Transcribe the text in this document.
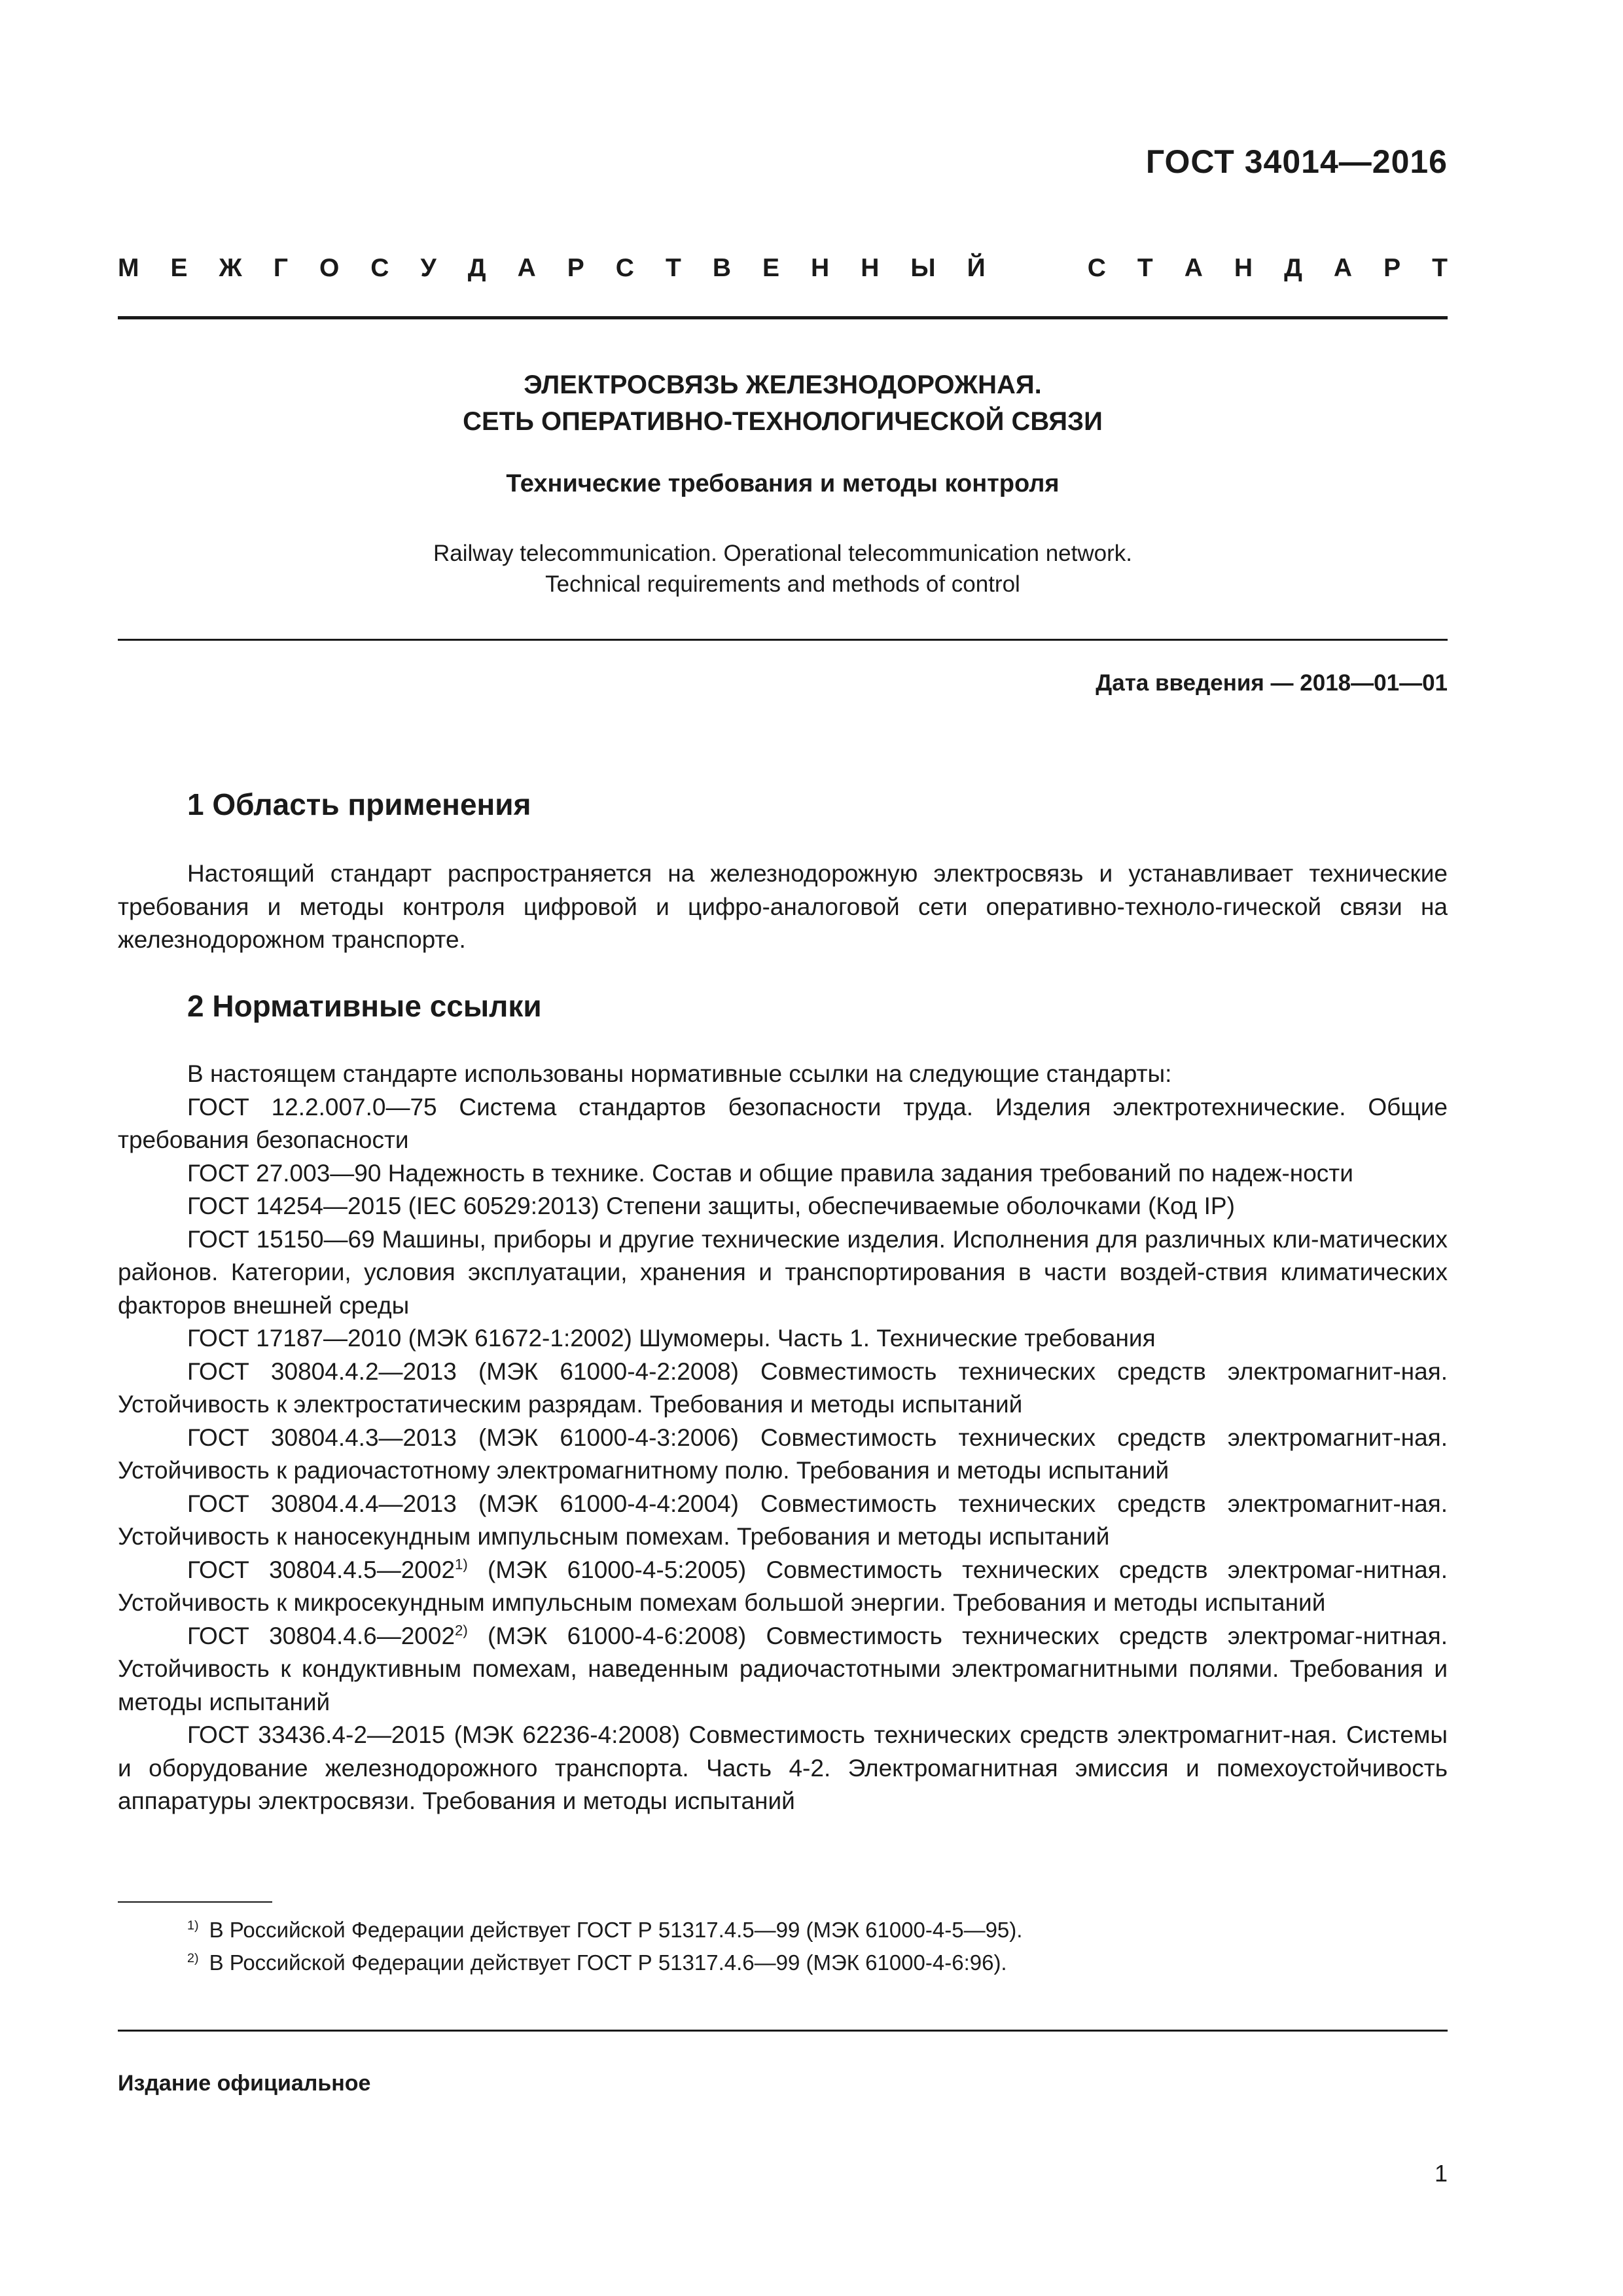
ГОСТ 34014—2016
М Е Ж Г О С У Д А Р С Т В Е Н Н Ы Й	С Т А Н Д А Р Т
ЭЛЕКТРОСВЯЗЬ ЖЕЛЕЗНОДОРОЖНАЯ.
СЕТЬ ОПЕРАТИВНО-ТЕХНОЛОГИЧЕСКОЙ СВЯЗИ
Технические требования и методы контроля
Railway telecommunication. Operational telecommunication network.
Technical requirements and methods of control
Дата введения — 2018—01—01
1 Область применения

Настоящий стандарт распространяется на железнодорожную электросвязь и устанавливает технические требования и методы контроля цифровой и цифро-аналоговой сети оперативно-техноло-гической связи на железнодорожном транспорте.

2 Нормативные ссылки

В настоящем стандарте использованы нормативные ссылки на следующие стандарты:

ГОСТ 12.2.007.0—75 Система стандартов безопасности труда. Изделия электротехнические. Общие требования безопасности

ГОСТ 27.003—90 Надежность в технике. Состав и общие правила задания требований по надеж-ности

ГОСТ 14254—2015 (IEC 60529:2013) Степени защиты, обеспечиваемые оболочками (Код IP)

ГОСТ 15150—69 Машины, приборы и другие технические изделия. Исполнения для различных кли-матических районов. Категории, условия эксплуатации, хранения и транспортирования в части воздей-ствия климатических факторов внешней среды

ГОСТ 17187—2010 (МЭК 61672-1:2002) Шумомеры. Часть 1. Технические требования

ГОСТ 30804.4.2—2013 (МЭК 61000-4-2:2008) Совместимость технических средств электромагнит-ная. Устойчивость к электростатическим разрядам. Требования и методы испытаний

ГОСТ 30804.4.3—2013 (МЭК 61000-4-3:2006) Совместимость технических средств электромагнит-ная. Устойчивость к радиочастотному электромагнитному полю. Требования и методы испытаний

ГОСТ 30804.4.4—2013 (МЭК 61000-4-4:2004) Совместимость технических средств электромагнит-ная. Устойчивость к наносекундным импульсным помехам. Требования и методы испытаний

ГОСТ 30804.4.5—2002$^{1)}$ (МЭК 61000-4-5:2005) Совместимость технических средств электромаг-нитная. Устойчивость к микросекундным импульсным помехам большой энергии. Требования и методы испытаний

ГОСТ 30804.4.6—2002$^{2)}$ (МЭК 61000-4-6:2008) Совместимость технических средств электромаг-нитная. Устойчивость к кондуктивным помехам, наведенным радиочастотными электромагнитными полями. Требования и методы испытаний

ГОСТ 33436.4-2—2015 (МЭК 62236-4:2008) Совместимость технических средств электромагнит-ная. Системы и оборудование железнодорожного транспорта. Часть 4-2. Электромагнитная эмиссия и помехоустойчивость аппаратуры электросвязи. Требования и методы испытаний

$^{1)}$ В Российской Федерации действует ГОСТ Р 51317.4.5—99 (МЭК 61000-4-5—95).

$^{2)}$ В Российской Федерации действует ГОСТ Р 51317.4.6—99 (МЭК 61000-4-6:96).

Издание официальное
1
